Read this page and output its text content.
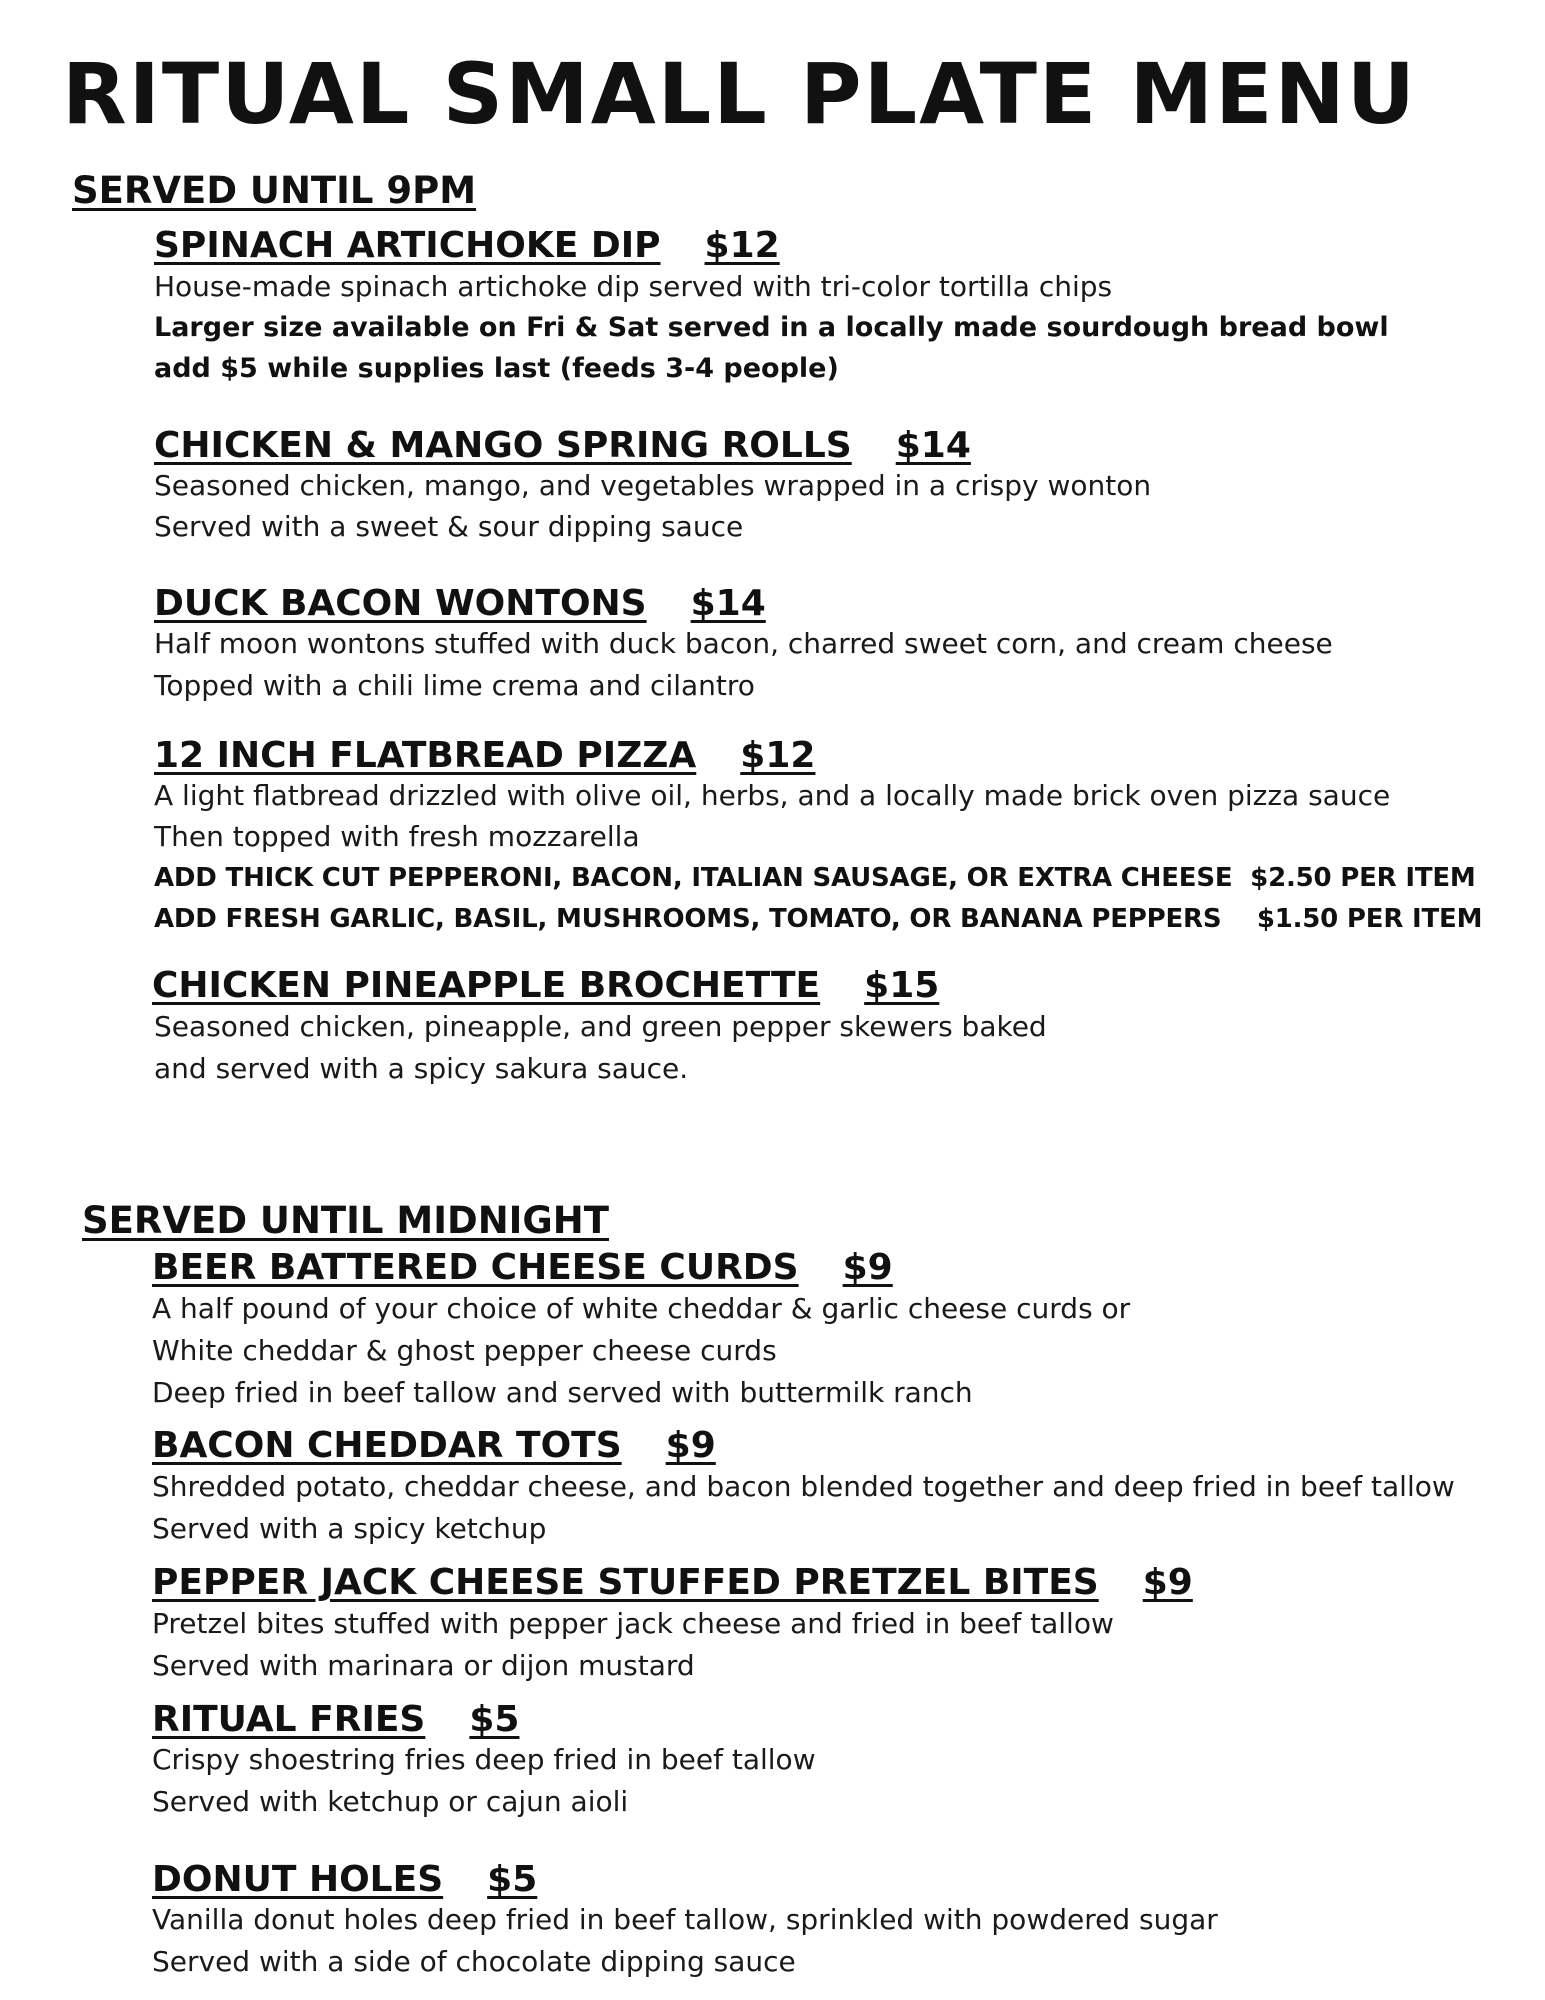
RITUAL SMALL PLATE MENU
SERVED UNTIL 9PM
SPINACH ARTICHOKE DIP $12
House-made spinach artichoke dip served with tri-color tortilla chips
Larger size available on Fri & Sat served in a locally made sourdough bread bowl
add $5 while supplies last (feeds 3-4 people)
CHICKEN & MANGO SPRING ROLLS $14
Seasoned chicken, mango, and vegetables wrapped in a crispy wonton
Served with a sweet & sour dipping sauce
DUCK BACON WONTONS $14
Half moon wontons stuffed with duck bacon, charred sweet corn, and cream cheese
Topped with a chili lime crema and cilantro
12 INCH FLATBREAD PIZZA $12
A light flatbread drizzled with olive oil, herbs, and a locally made brick oven pizza sauce
Then topped with fresh mozzarella
ADD THICK CUT PEPPERONI, BACON, ITALIAN SAUSAGE, OR EXTRA CHEESE $2.50 PER ITEM
ADD FRESH GARLIC, BASIL, MUSHROOMS, TOMATO, OR BANANA PEPPERS $1.50 PER ITEM
CHICKEN PINEAPPLE BROCHETTE $15
Seasoned chicken, pineapple, and green pepper skewers baked
and served with a spicy sakura sauce.
SERVED UNTIL MIDNIGHT
BEER BATTERED CHEESE CURDS $9
A half pound of your choice of white cheddar & garlic cheese curds or
White cheddar & ghost pepper cheese curds
Deep fried in beef tallow and served with buttermilk ranch
BACON CHEDDAR TOTS $9
Shredded potato, cheddar cheese, and bacon blended together and deep fried in beef tallow
Served with a spicy ketchup
PEPPER JACK CHEESE STUFFED PRETZEL BITES $9
Pretzel bites stuffed with pepper jack cheese and fried in beef tallow
Served with marinara or dijon mustard
RITUAL FRIES $5
Crispy shoestring fries deep fried in beef tallow
Served with ketchup or cajun aioli
DONUT HOLES $5
Vanilla donut holes deep fried in beef tallow, sprinkled with powdered sugar
Served with a side of chocolate dipping sauce
